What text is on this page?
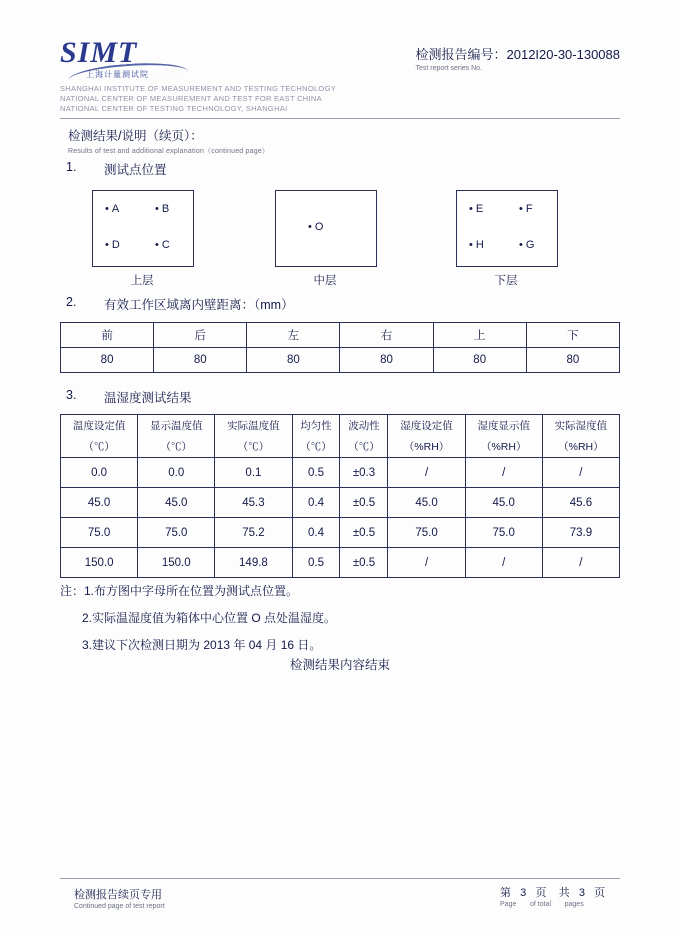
SIMT
上海计量测试院
SHANGHAI INSTITUTE OF MEASUREMENT AND TESTING TECHNOLOGY
NATIONAL CENTER OF MEASUREMENT AND TEST FOR EAST CHINA
NATIONAL CENTER OF TESTING TECHNOLOGY, SHANGHAI
检测报告编号：2012I20-30-130088
Test report series No.
检测结果/说明（续页）：
Results of test and additional explanation（continued page）
1. 测试点位置
• A	• B
• D	• C
上层
• O
中层
• E	• F
• H	• G
下层
2. 有效工作区域离内壁距离：（mm）
前	后	左	右	上	下
80	80	80	80	80	80
3. 温湿度测试结果
温度设定值	显示温度值	实际温度值	均匀性	波动性	湿度设定值	湿度显示值	实际湿度值
（℃）	（℃）	（℃）	（℃）	（℃）	（%RH）	（%RH）	（%RH）
0.0	0.0	0.1	0.5	±0.3	/	/	/
45.0	45.0	45.3	0.4	±0.5	45.0	45.0	45.6
75.0	75.0	75.2	0.4	±0.5	75.0	75.0	73.9
150.0	150.0	149.8	0.5	±0.5	/	/	/
注：1.布方图中字母所在位置为测试点位置。
2.实际温湿度值为箱体中心位置 O 点处温湿度。
3.建议下次检测日期为 2013 年 04 月 16 日。
检测结果内容结束
检测报告续页专用
Continued page of test report
第 3 页 共 3 页
Page of total pages
